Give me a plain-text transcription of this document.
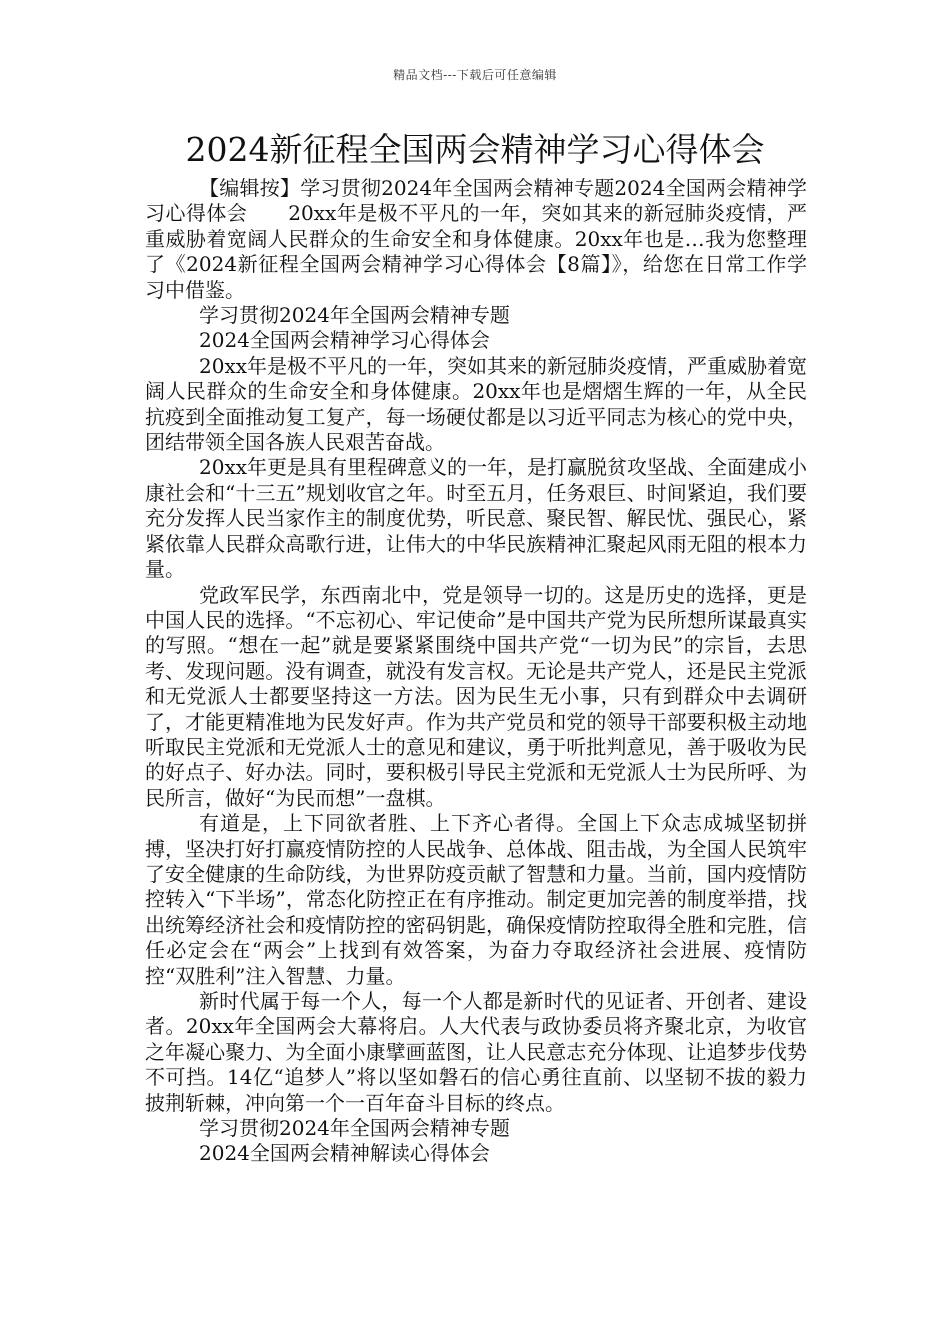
精品文档---下载后可任意编辑
2024新征程全国两会精神学习心得体会

【编辑按】学习贯彻2024年全国两会精神专题2024全国两会精神学习心得体会　　20xx年是极不平凡的一年，突如其来的新冠肺炎疫情，严重威胁着宽阔人民群众的生命安全和身体健康。20xx年也是…我为您整理了《2024新征程全国两会精神学习心得体会【8篇】》，给您在日常工作学习中借鉴。

学习贯彻2024年全国两会精神专题

2024全国两会精神学习心得体会

20xx年是极不平凡的一年，突如其来的新冠肺炎疫情，严重威胁着宽阔人民群众的生命安全和身体健康。20xx年也是熠熠生辉的一年，从全民抗疫到全面推动复工复产，每一场硬仗都是以习近平同志为核心的党中央，团结带领全国各族人民艰苦奋战。

20xx年更是具有里程碑意义的一年，是打赢脱贫攻坚战、全面建成小康社会和“十三五”规划收官之年。时至五月，任务艰巨、时间紧迫，我们要充分发挥人民当家作主的制度优势，听民意、聚民智、解民忧、强民心，紧紧依靠人民群众高歌行进，让伟大的中华民族精神汇聚起风雨无阻的根本力量。

党政军民学，东西南北中，党是领导一切的。这是历史的选择，更是中国人民的选择。“不忘初心、牢记使命”是中国共产党为民所想所谋最真实的写照。“想在一起”就是要紧紧围绕中国共产党“一切为民”的宗旨，去思考、发现问题。没有调查，就没有发言权。无论是共产党人，还是民主党派和无党派人士都要坚持这一方法。因为民生无小事，只有到群众中去调研了，才能更精准地为民发好声。作为共产党员和党的领导干部要积极主动地听取民主党派和无党派人士的意见和建议，勇于听批判意见，善于吸收为民的好点子、好办法。同时，要积极引导民主党派和无党派人士为民所呼、为民所言，做好“为民而想”一盘棋。

有道是，上下同欲者胜、上下齐心者得。全国上下众志成城坚韧拼搏，坚决打好打赢疫情防控的人民战争、总体战、阻击战，为全国人民筑牢了安全健康的生命防线，为世界防疫贡献了智慧和力量。当前，国内疫情防控转入“下半场”，常态化防控正在有序推动。制定更加完善的制度举措，找出统筹经济社会和疫情防控的密码钥匙，确保疫情防控取得全胜和完胜，信任必定会在“两会”上找到有效答案，为奋力夺取经济社会进展、疫情防控“双胜利”注入智慧、力量。

新时代属于每一个人，每一个人都是新时代的见证者、开创者、建设者。20xx年全国两会大幕将启。人大代表与政协委员将齐聚北京，为收官之年凝心聚力、为全面小康擘画蓝图，让人民意志充分体现、让追梦步伐势不可挡。14亿“追梦人”将以坚如磐石的信心勇往直前、以坚韧不拔的毅力披荆斩棘，冲向第一个一百年奋斗目标的终点。

学习贯彻2024年全国两会精神专题

2024全国两会精神解读心得体会
